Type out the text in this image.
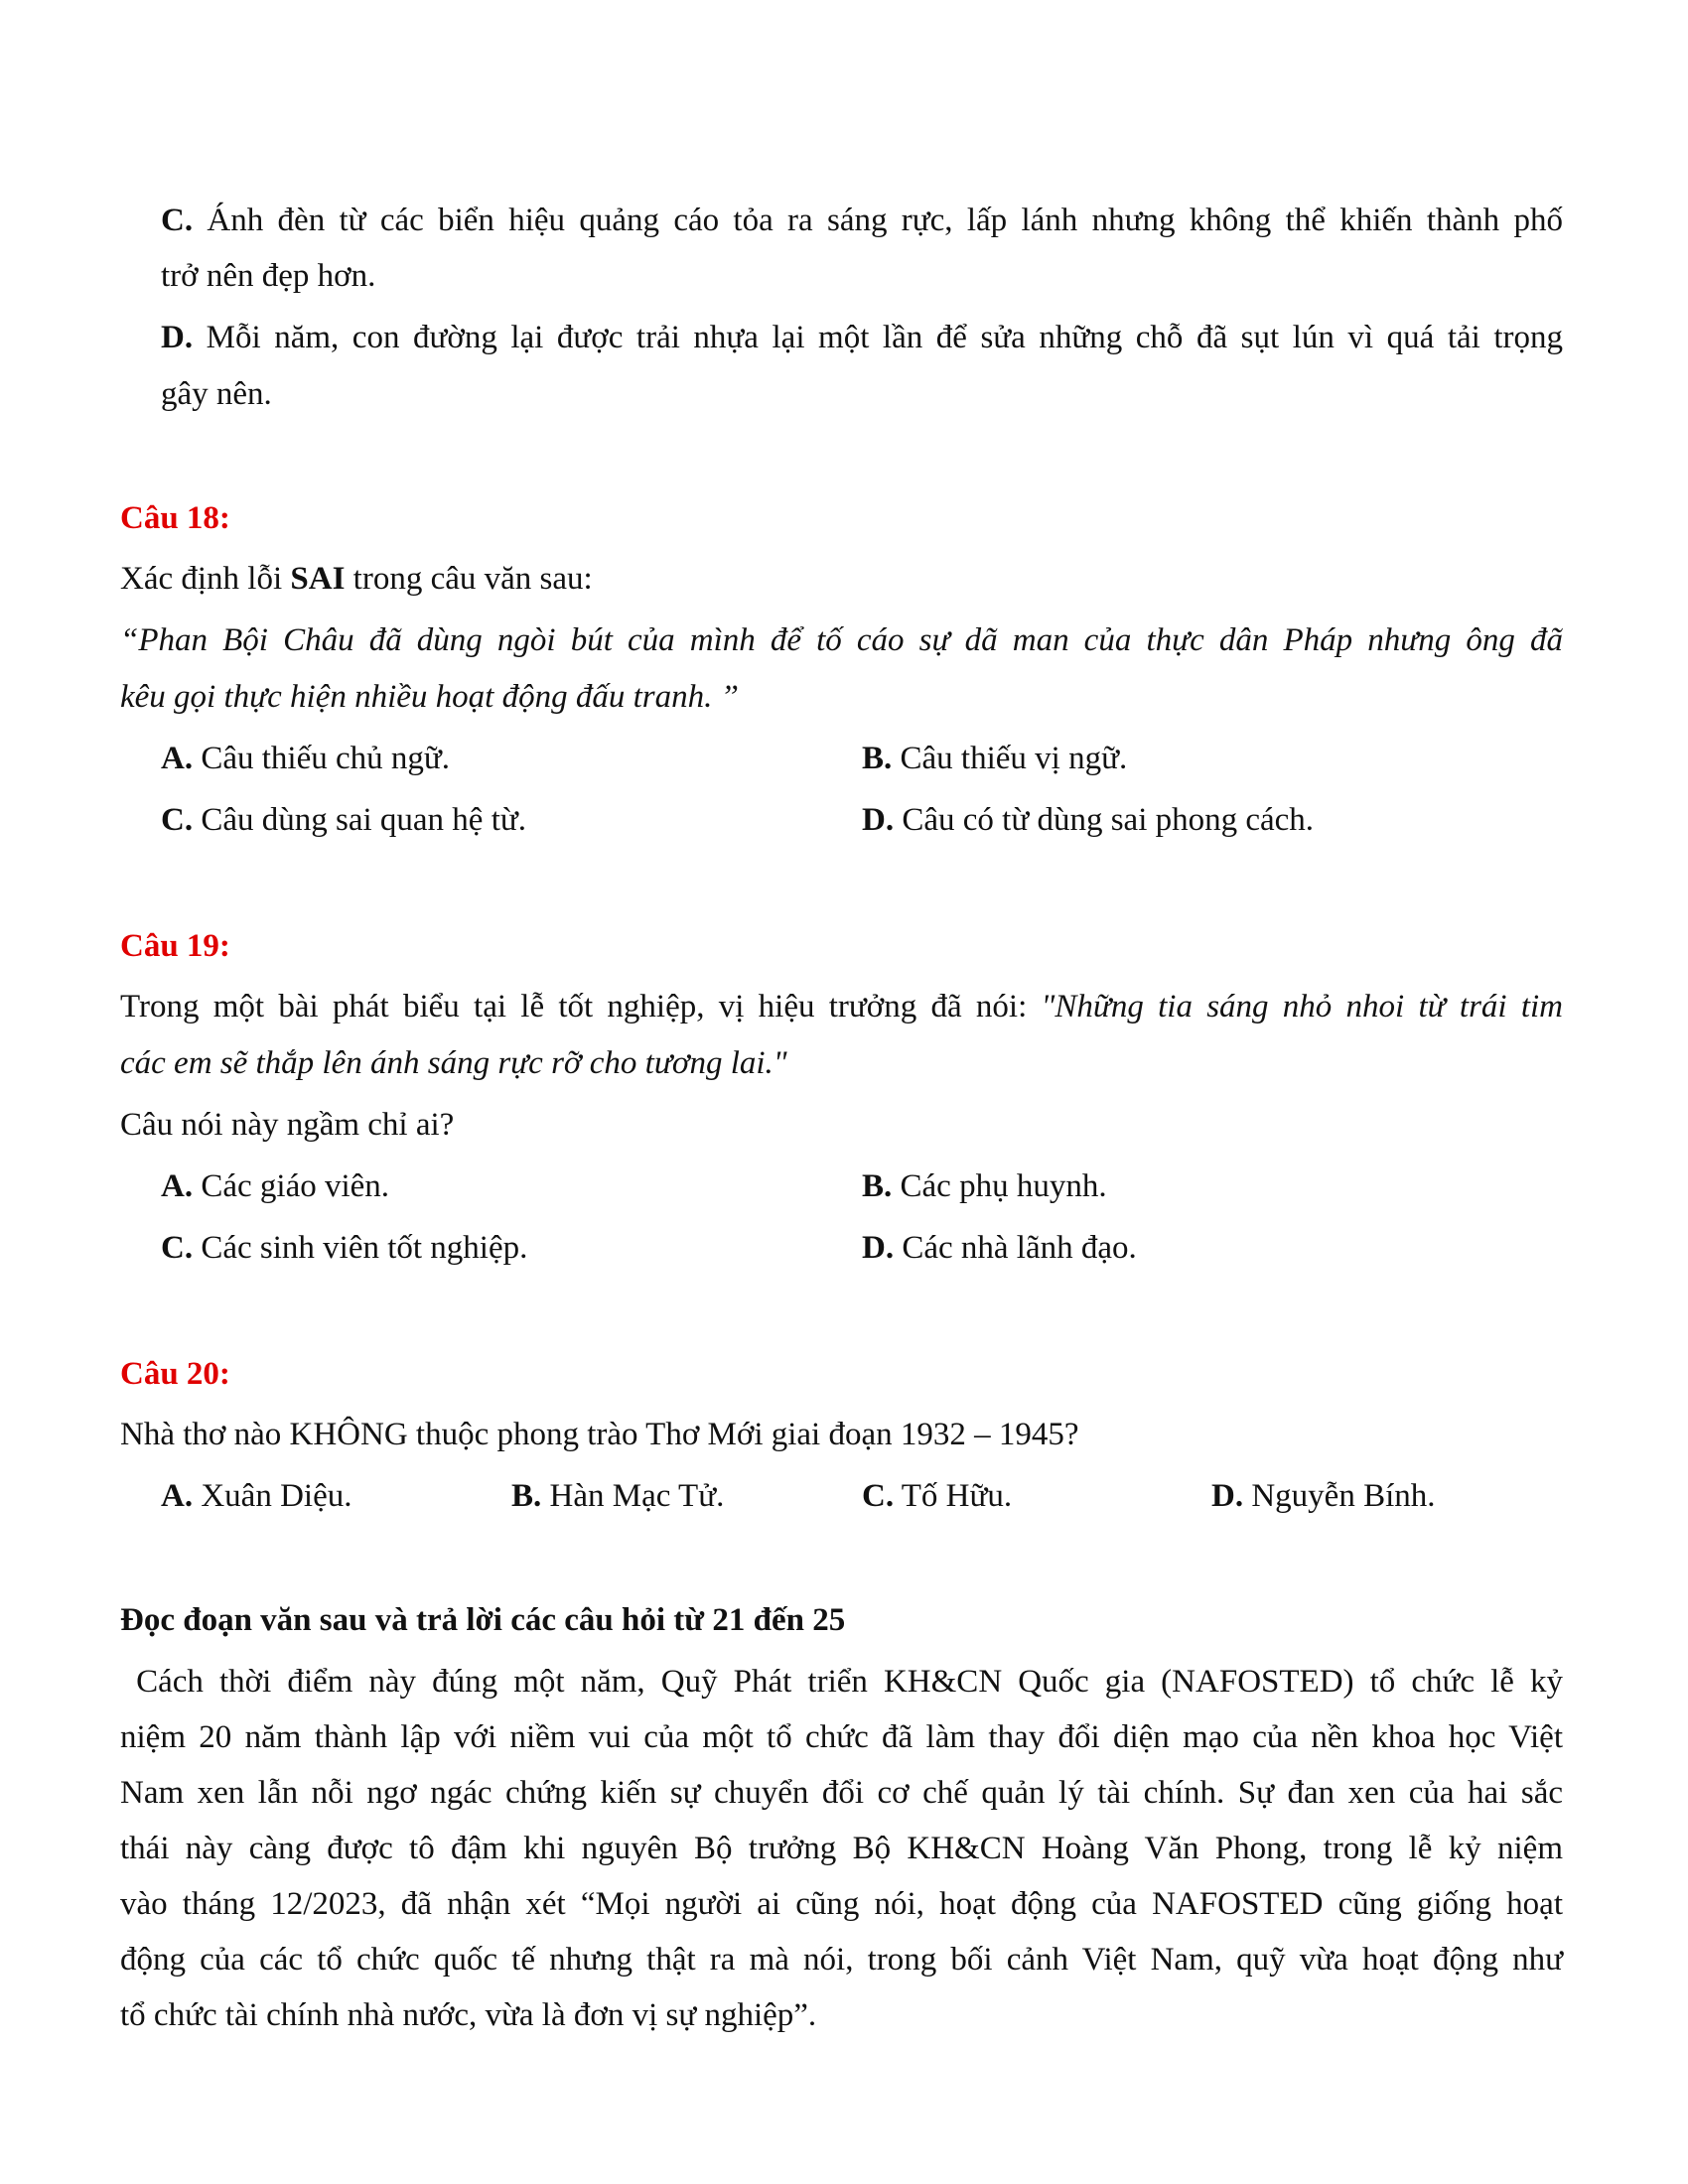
C. Ánh đèn từ các biển hiệu quảng cáo tỏa ra sáng rực, lấp lánh nhưng không thể khiến thành phố
trở nên đẹp hơn.
D. Mỗi năm, con đường lại được trải nhựa lại một lần để sửa những chỗ đã sụt lún vì quá tải trọng
gây nên.
Câu 18:
Xác định lỗi SAI trong câu văn sau:
“Phan Bội Châu đã dùng ngòi bút của mình để tố cáo sự dã man của thực dân Pháp nhưng ông đã
kêu gọi thực hiện nhiều hoạt động đấu tranh. ”
A. Câu thiếu chủ ngữ.	B. Câu thiếu vị ngữ.
C. Câu dùng sai quan hệ từ.	D. Câu có từ dùng sai phong cách.
Câu 19:
Trong một bài phát biểu tại lễ tốt nghiệp, vị hiệu trưởng đã nói: "Những tia sáng nhỏ nhoi từ trái tim
các em sẽ thắp lên ánh sáng rực rỡ cho tương lai."
Câu nói này ngầm chỉ ai?
A. Các giáo viên.	B. Các phụ huynh.
C. Các sinh viên tốt nghiệp.	D. Các nhà lãnh đạo.
Câu 20:
Nhà thơ nào KHÔNG thuộc phong trào Thơ Mới giai đoạn 1932 – 1945?
A. Xuân Diệu.	B. Hàn Mạc Tử.	C. Tố Hữu.	D. Nguyễn Bính.
Đọc đoạn văn sau và trả lời các câu hỏi từ 21 đến 25
Cách thời điểm này đúng một năm, Quỹ Phát triển KH&CN Quốc gia (NAFOSTED) tổ chức lễ kỷ
niệm 20 năm thành lập với niềm vui của một tổ chức đã làm thay đổi diện mạo của nền khoa học Việt
Nam xen lẫn nỗi ngơ ngác chứng kiến sự chuyển đổi cơ chế quản lý tài chính. Sự đan xen của hai sắc
thái này càng được tô đậm khi nguyên Bộ trưởng Bộ KH&CN Hoàng Văn Phong, trong lễ kỷ niệm
vào tháng 12/2023, đã nhận xét “Mọi người ai cũng nói, hoạt động của NAFOSTED cũng giống hoạt
động của các tổ chức quốc tế nhưng thật ra mà nói, trong bối cảnh Việt Nam, quỹ vừa hoạt động như
tổ chức tài chính nhà nước, vừa là đơn vị sự nghiệp”.
